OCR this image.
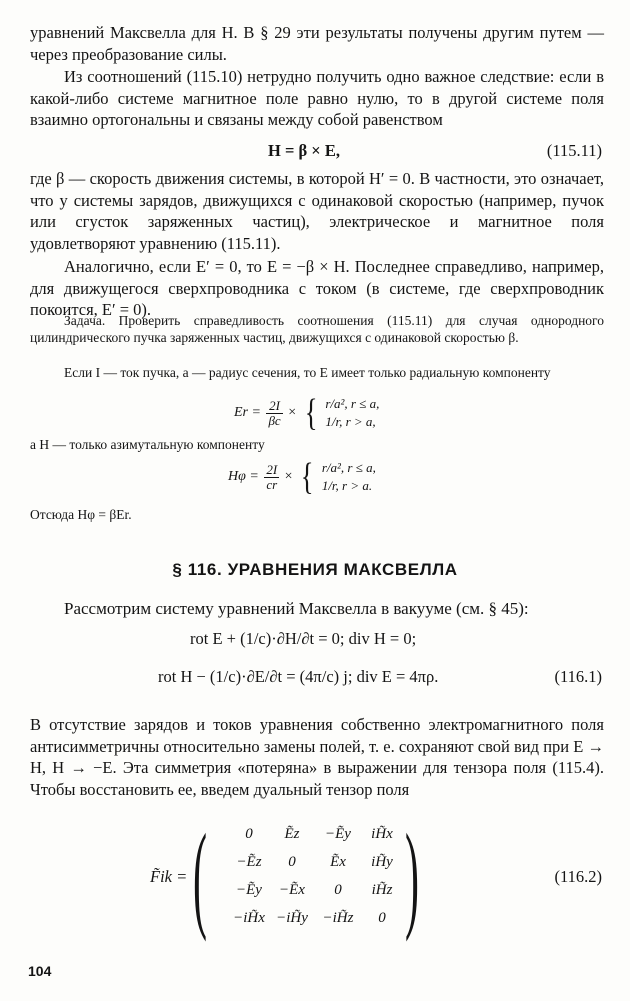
уравнений Максвелла для H. В § 29 эти результаты получены другим путем — через преобразование силы.
Из соотношений (115.10) нетрудно получить одно важное следствие: если в какой-либо системе магнитное поле равно нулю, то в другой системе поля взаимно ортогональны и связаны между собой равенством
H = β × E,	(115.11)
где β — скорость движения системы, в которой H′ = 0. В частности, это означает, что у системы зарядов, движущихся с одинаковой скоростью (например, пучок или сгусток заряженных частиц), электрическое и магнитное поля удовлетворяют уравнению (115.11).
Аналогично, если E′ = 0, то E = −β × H. Последнее справедливо, например, для движущегося сверхпроводника с током (в системе, где сверхпроводник покоится, E′ = 0).
Задача. Проверить справедливость соотношения (115.11) для случая однородного цилиндрического пучка заряженных частиц, движущихся с одинаковой скоростью β.
Если I — ток пучка, a — радиус сечения, то E имеет только радиальную компоненту
$Er = \frac{2I}{\beta c}$ × { r/a², r ≤ a,
1/r, r > a,
а H — только азимутальную компоненту
$H\varphi = \frac{2I}{cr}$ × { r/a², r ≤ a,
1/r, r > a.
Отсюда Hφ = βEr.
§ 116. УРАВНЕНИЯ МАКСВЕЛЛА
Рассмотрим систему уравнений Максвелла в вакууме (см. § 45):
rot E + (1/c)·∂H/∂t = 0; div H = 0;
rot H − (1/c)·∂E/∂t = (4π/c) j; div E = 4πρ.	(116.1)
В отсутствие зарядов и токов уравнения собственно электромагнитного поля антисимметричны относительно замены полей, т. е. сохраняют свой вид при E → H, H → −E. Эта симметрия «потеряна» в выражении для тензора поля (115.4). Чтобы восстановить ее, введем дуальный тензор поля
F̃ik = (	0	Ẽz	−Ẽy	iH̃x
−Ẽz	0	Ẽx	iH̃y
−Ẽy	−Ẽx	0	iH̃z
−iH̃x −iH̃y −iH̃z	0 )	(116.2)
104
